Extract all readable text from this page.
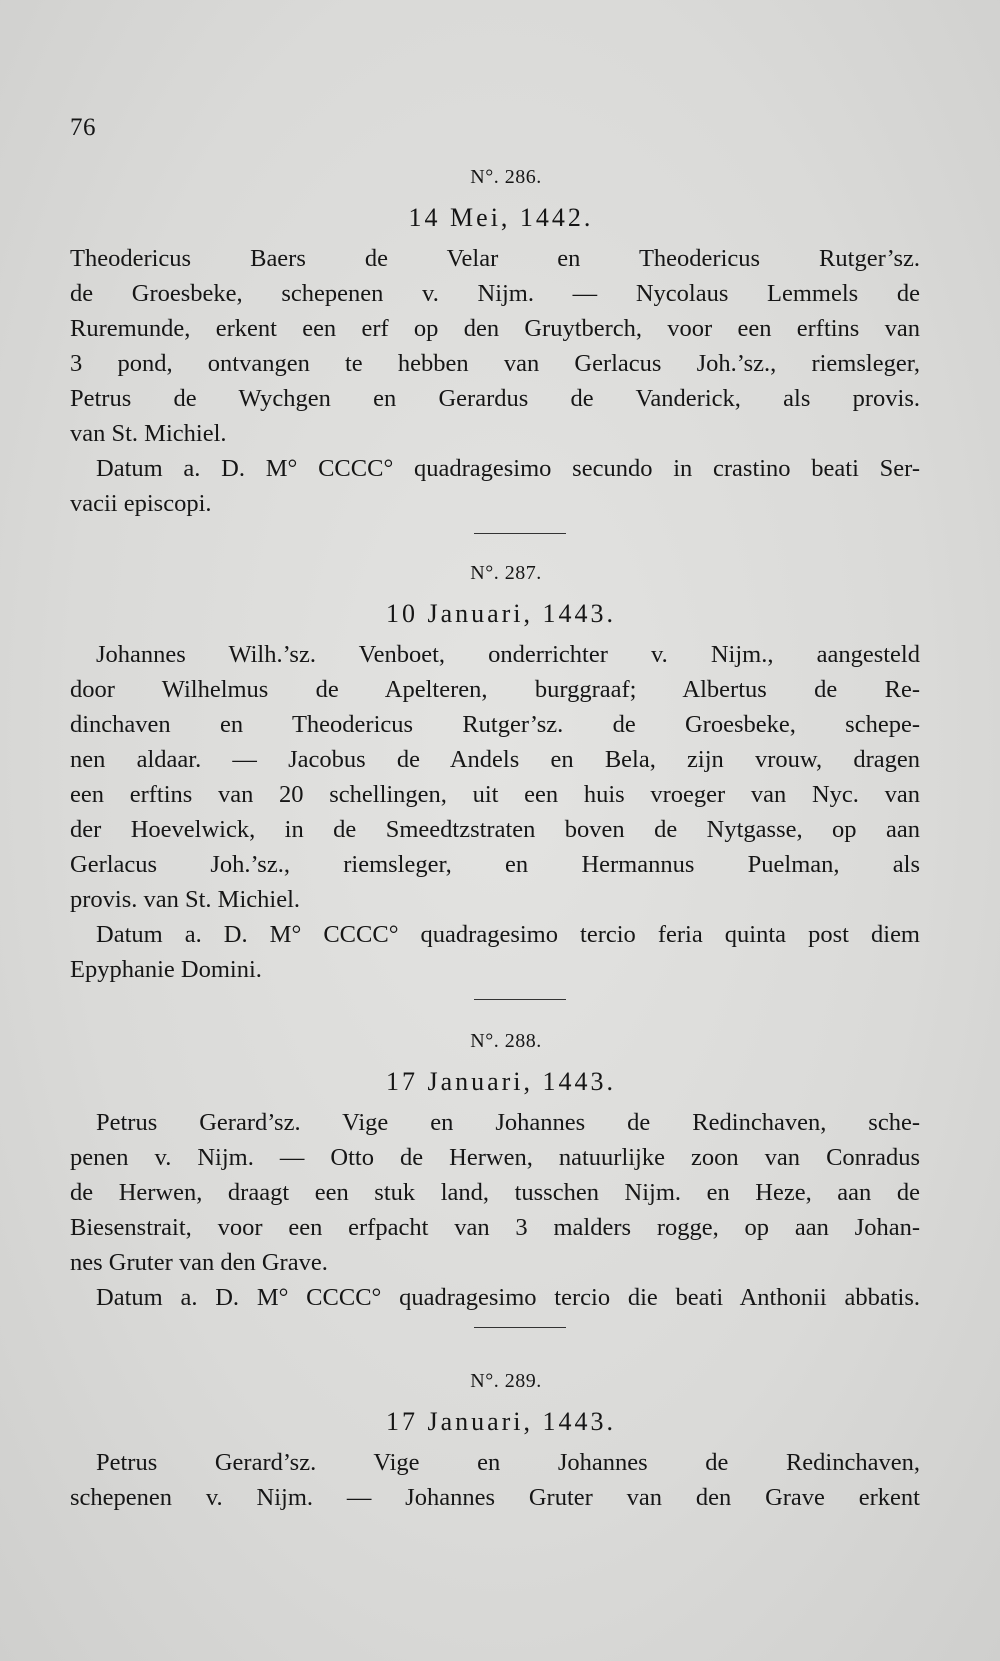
76
N°. 286.
14 Mei, 1442.

Theodericus Baers de Velar en Theodericus Rutger’sz.

de Groesbeke, schepenen v. Nijm. — Nycolaus Lemmels de

Ruremunde, erkent een erf op den Gruytberch, voor een erftins van

3 pond, ontvangen te hebben van Gerlacus Joh.’sz., riemsleger,

Petrus de Wychgen en Gerardus de Vanderick, als provis.

van St. Michiel.

Datum a. D. M° CCCC° quadragesimo secundo in crastino beati Ser-

vacii episcopi.

N°. 287.
10 Januari, 1443.

Johannes Wilh.’sz. Venboet, onderrichter v. Nijm., aangesteld

door Wilhelmus de Apelteren, burggraaf; Albertus de Re-

dinchaven en Theodericus Rutger’sz. de Groesbeke, schepe-

nen aldaar. — Jacobus de Andels en Bela, zijn vrouw, dragen

een erftins van 20 schellingen, uit een huis vroeger van Nyc. van

der Hoevelwick, in de Smeedtzstraten boven de Nytgasse, op aan

Gerlacus Joh.’sz., riemsleger, en Hermannus Puelman, als

provis. van St. Michiel.

Datum a. D. M° CCCC° quadragesimo tercio feria quinta post diem

Epyphanie Domini.

N°. 288.
17 Januari, 1443.

Petrus Gerard’sz. Vige en Johannes de Redinchaven, sche-

penen v. Nijm. — Otto de Herwen, natuurlijke zoon van Conradus

de Herwen, draagt een stuk land, tusschen Nijm. en Heze, aan de

Biesenstrait, voor een erfpacht van 3 malders rogge, op aan Johan-

nes Gruter van den Grave.

Datum a. D. M° CCCC° quadragesimo tercio die beati Anthonii abbatis.

N°. 289.
17 Januari, 1443.

Petrus Gerard’sz. Vige en Johannes de Redinchaven,

schepenen v. Nijm. — Johannes Gruter van den Grave erkent
